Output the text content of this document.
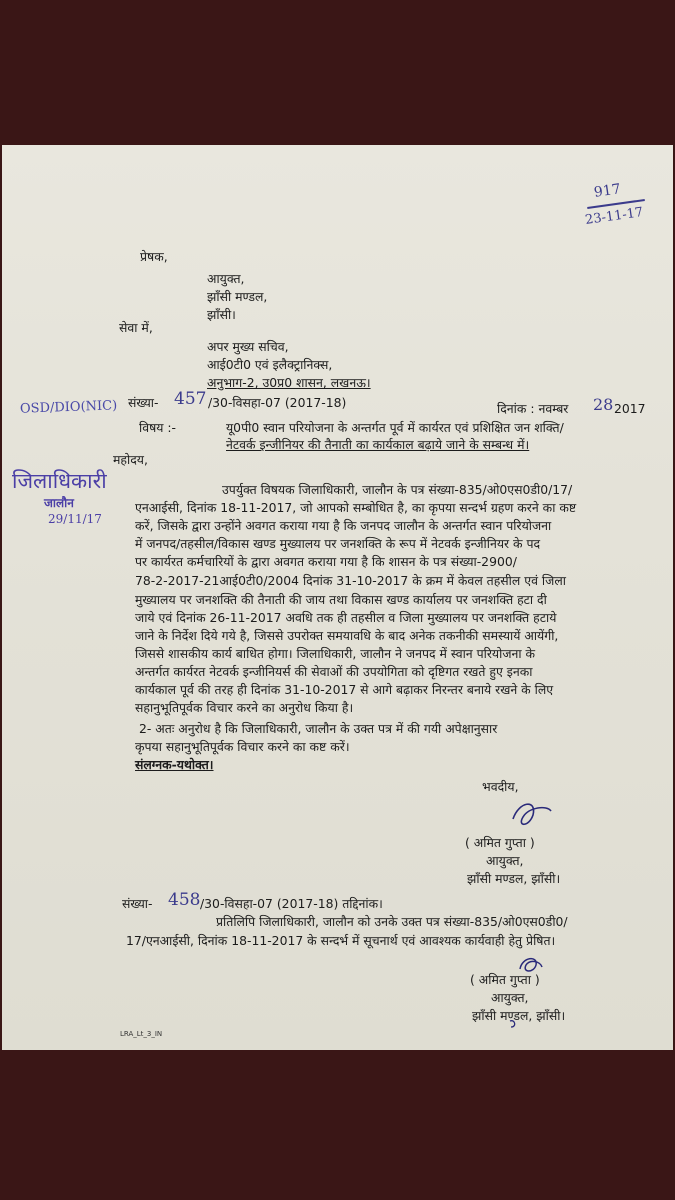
917
23-11-17
प्रेषक,
आयुक्त,
झाँसी मण्डल,
झाँसी।
सेवा में,
अपर मुख्य सचिव,
आई0टी0 एवं इलैक्ट्रानिक्स,
अनुभाग-2, उ0प्र0 शासन, लखनऊ।
संख्या- 457 /30-विसहा-07 (2017-18)	दिनांक : नवम्बर 28 2017
OSD/DIO(NIC)
विषय :-	यू0पी0 स्वान परियोजना के अन्तर्गत पूर्व में कार्यरत एवं प्रशिक्षित जन शक्ति/
नेटवर्क इन्जीनियर की तैनाती का कार्यकाल बढ़ाये जाने के सम्बन्ध में।
महोदय,
जिलाधिकारी
जालौन
29/11/17
उपर्युक्त विषयक जिलाधिकारी, जालौन के पत्र संख्या-835/ओ0एस0डी0/17/
एनआईसी, दिनांक 18-11-2017, जो आपको सम्बोधित है, का कृपया सन्दर्भ ग्रहण करने का कष्ट
करें, जिसके द्वारा उन्होंने अवगत कराया गया है कि जनपद जालौन के अन्तर्गत स्वान परियोजना
में जनपद/तहसील/विकास खण्ड मुख्यालय पर जनशक्ति के रूप में नेटवर्क इन्जीनियर के पद
पर कार्यरत कर्मचारियों के द्वारा अवगत कराया गया है कि शासन के पत्र संख्या-2900/
78-2-2017-21आई0टी0/2004 दिनांक 31-10-2017 के क्रम में केवल तहसील एवं जिला
मुख्यालय पर जनशक्ति की तैनाती की जाय तथा विकास खण्ड कार्यालय पर जनशक्ति हटा दी
जाये एवं दिनांक 26-11-2017 अवधि तक ही तहसील व जिला मुख्यालय पर जनशक्ति हटाये
जाने के निर्देश दिये गये है, जिससे उपरोक्त समयावधि के बाद अनेक तकनीकी समस्यायें आयेंगी,
जिससे शासकीय कार्य बाधित होगा। जिलाधिकारी, जालौन ने जनपद में स्वान परियोजना के
अन्तर्गत कार्यरत नेटवर्क इन्जीनियर्स की सेवाओं की उपयोगिता को दृष्टिगत रखते हुए इनका
कार्यकाल पूर्व की तरह ही दिनांक 31-10-2017 से आगे बढ़ाकर निरन्तर बनाये रखने के लिए
सहानुभूतिपूर्वक विचार करने का अनुरोध किया है।
2- अतः अनुरोध है कि जिलाधिकारी, जालौन के उक्त पत्र में की गयी अपेक्षानुसार
कृपया सहानुभूतिपूर्वक विचार करने का कष्ट करें।
संलग्नक-यथोक्त।
भवदीय,
( अमित गुप्ता )
आयुक्त,
झाँसी मण्डल, झाँसी।
संख्या- 458 /30-विसहा-07 (2017-18) तद्दिनांक।
प्रतिलिपि जिलाधिकारी, जालौन को उनके उक्त पत्र संख्या-835/ओ0एस0डी0/
17/एनआईसी, दिनांक 18-11-2017 के सन्दर्भ में सूचनार्थ एवं आवश्यक कार्यवाही हेतु प्रेषित।
( अमित गुप्ता )
आयुक्त,
झाँसी मण्डल, झाँसी।
LRA_Lt_3_IN
